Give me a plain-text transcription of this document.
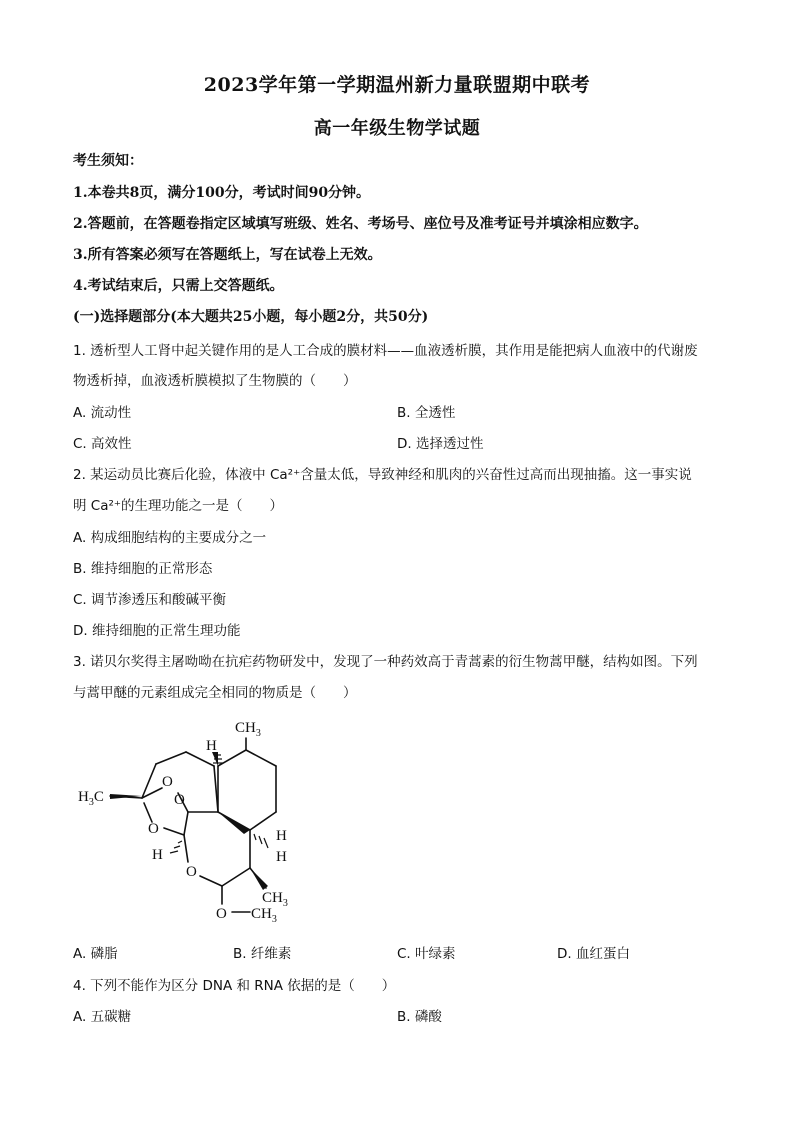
2023学年第一学期温州新力量联盟期中联考
高一年级生物学试题
考生须知：
1.本卷共8页，满分100分，考试时间90分钟。
2.答题前，在答题卷指定区域填写班级、姓名、考场号、座位号及准考证号并填涂相应数字。
3.所有答案必须写在答题纸上，写在试卷上无效。
4.考试结束后，只需上交答题纸。
(一)选择题部分(本大题共25小题，每小题2分，共50分)
1. 透析型人工肾中起关键作用的是人工合成的膜材料——血液透析膜，其作用是能把病人血液中的代谢废
物透析掉，血液透析膜模拟了生物膜的（　　）
A. 流动性	B. 全透性
C. 高效性	D. 选择透过性
2. 某运动员比赛后化验，体液中 Ca²⁺含量太低，导致神经和肌肉的兴奋性过高而出现抽搐。这一事实说
明 Ca²⁺的生理功能之一是（　　）
A. 构成细胞结构的主要成分之一
B. 维持细胞的正常形态
C. 调节渗透压和酸碱平衡
D. 维持细胞的正常生理功能
3. 诺贝尔奖得主屠呦呦在抗疟药物研发中，发现了一种药效高于青蒿素的衍生物蒿甲醚，结构如图。下列
与蒿甲醚的元素组成完全相同的物质是（　　）
$CH_3$
$H_3C$
H
O
O
O
O
H
H
H
$CH_3$
O $CH_3$
A. 磷脂	B. 纤维素	C. 叶绿素	D. 血红蛋白
4. 下列不能作为区分 DNA 和 RNA 依据的是（　　）
A. 五碳糖	B. 磷酸
